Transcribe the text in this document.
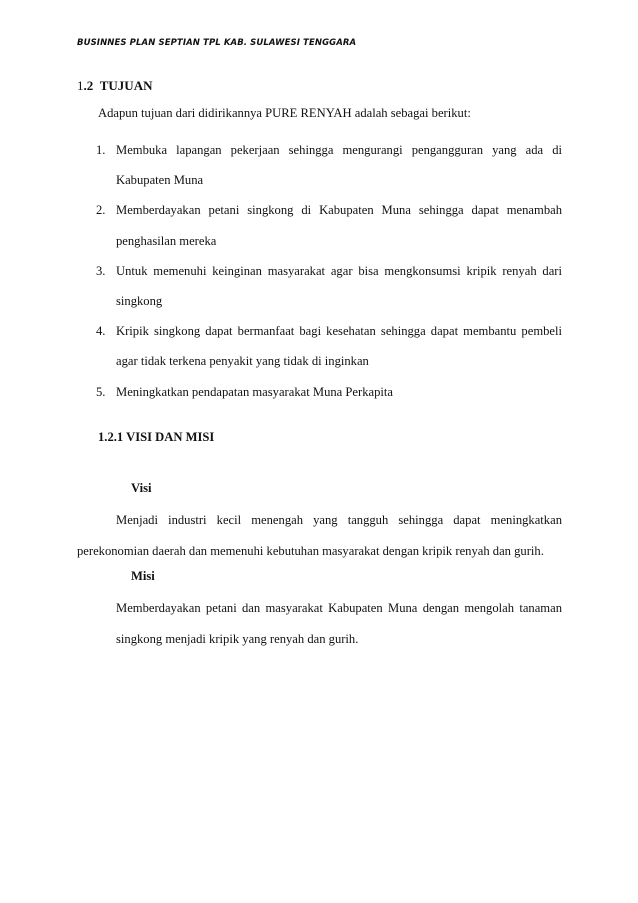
BUSINNES PLAN SEPTIAN TPL KAB. SULAWESI TENGGARA
1.2 TUJUAN
Adapun tujuan dari didirikannya PURE RENYAH adalah sebagai berikut:
1. Membuka lapangan pekerjaan sehingga mengurangi pengangguran yang ada di Kabupaten Muna
2. Memberdayakan petani singkong di Kabupaten Muna sehingga dapat menambah penghasilan mereka
3. Untuk memenuhi keinginan masyarakat agar bisa mengkonsumsi kripik renyah dari singkong
4. Kripik singkong dapat bermanfaat bagi kesehatan sehingga dapat membantu pembeli agar tidak terkena penyakit yang tidak di inginkan
5. Meningkatkan pendapatan masyarakat Muna Perkapita
1.2.1 VISI DAN MISI
Visi
Menjadi industri kecil menengah yang tangguh sehingga dapat meningkatkan perekonomian daerah dan memenuhi kebutuhan masyarakat dengan kripik renyah dan gurih.
Misi
Memberdayakan petani dan masyarakat Kabupaten Muna dengan mengolah tanaman singkong menjadi kripik yang renyah dan gurih.
